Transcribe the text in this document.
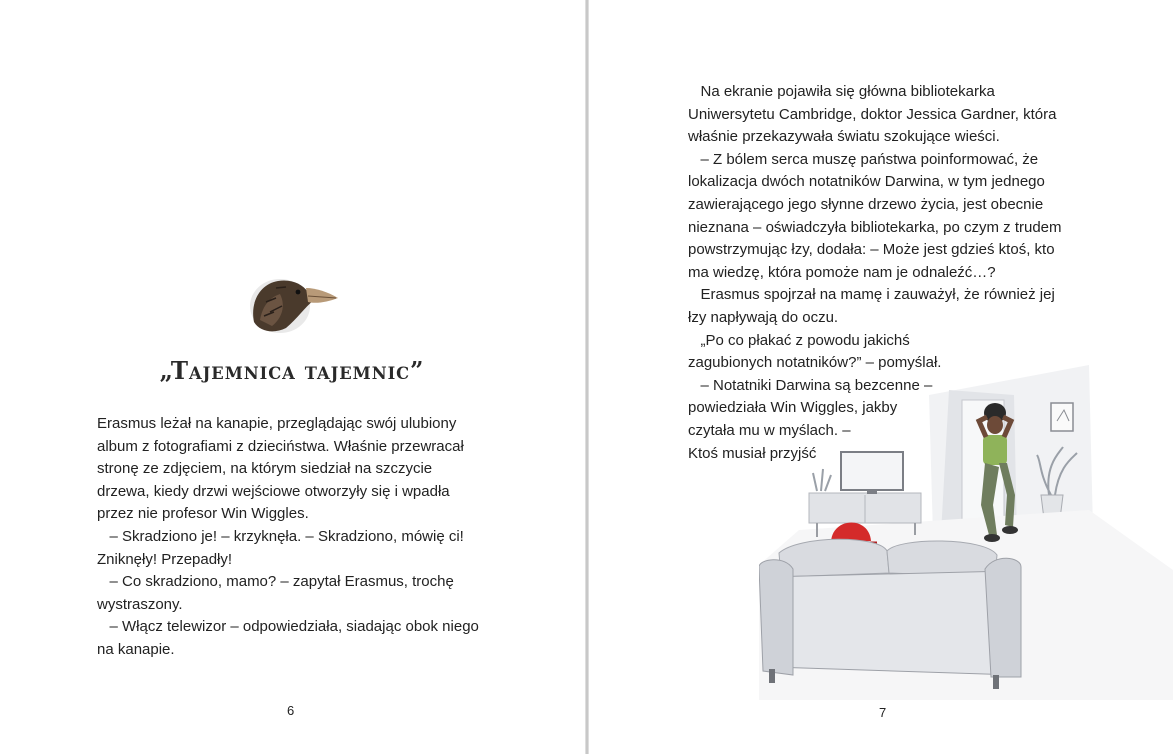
„Tajemnica tajemnic”

Erasmus leżał na kanapie, przeglądając swój ulubiony

album z fotografiami z dzieciństwa. Właśnie przewracał

stronę ze zdjęciem, na którym siedział na szczycie

drzewa, kiedy drzwi wejściowe otworzyły się i wpadła

przez nie profesor Win Wiggles.

– Skradziono je! – krzyknęła. – Skradziono, mówię ci!

Zniknęły! Przepadły!

– Co skradziono, mamo? – zapytał Erasmus, trochę

wystraszony.

– Włącz telewizor – odpowiedziała, siadając obok niego

na kanapie.

6

Na ekranie pojawiła się główna bibliotekarka

Uniwersytetu Cambridge, doktor Jessica Gardner, która

właśnie przekazywała światu szokujące wieści.

– Z bólem serca muszę państwa poinformować, że

lokalizacja dwóch notatników Darwina, w tym jednego

zawierającego jego słynne drzewo życia, jest obecnie

nieznana – oświadczyła bibliotekarka, po czym z trudem

powstrzymując łzy, dodała: – Może jest gdzieś ktoś, kto

ma wiedzę, która pomoże nam je odnaleźć…?

Erasmus spojrzał na mamę i zauważył, że również jej

łzy napływają do oczu.

„Po co płakać z powodu jakichś

zagubionych notatników?” – pomyślał.

– Notatniki Darwina są bezcenne –

powiedziała Win Wiggles, jakby

czytała mu w myślach. –

Ktoś musiał przyjść

7
